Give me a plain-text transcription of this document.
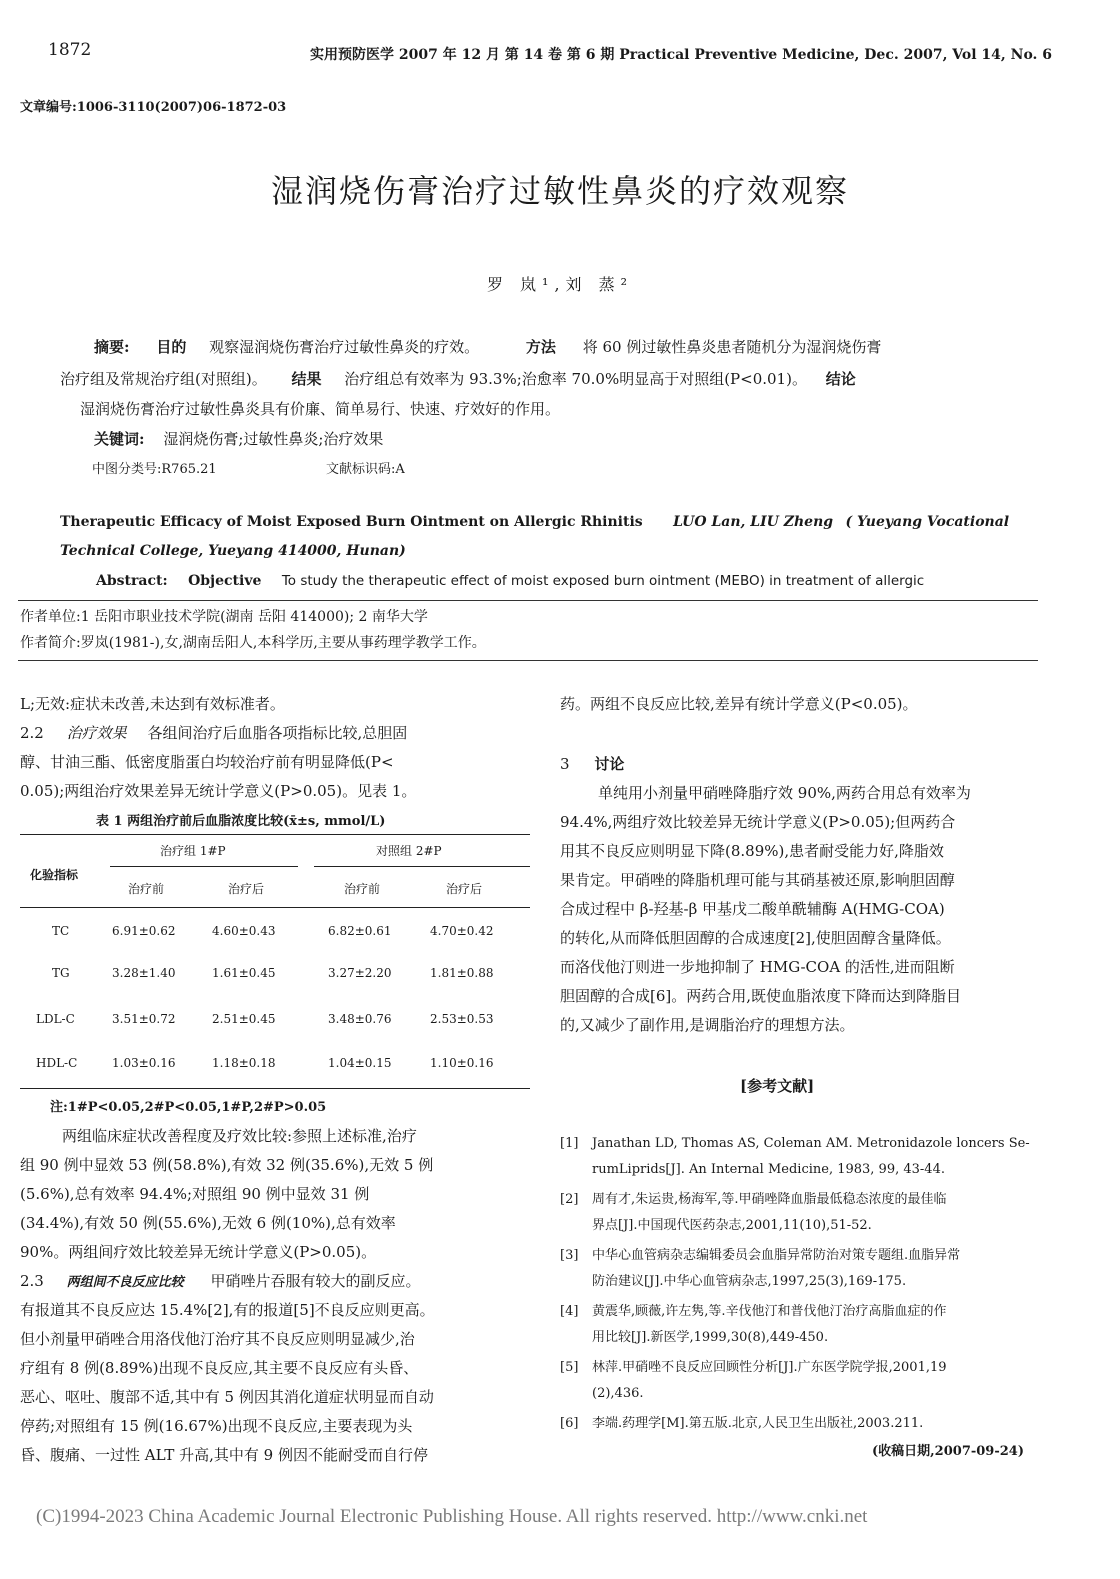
1872	实用预防医学 2007 年 12 月 第 14 卷 第 6 期 Practical Preventive Medicine, Dec. 2007, Vol 14, No. 6
文章编号:1006-3110(2007)06-1872-03
湿润烧伤膏治疗过敏性鼻炎的疗效观察
罗 岚¹,刘 蒸²
摘要: 目的 观察湿润烧伤膏治疗过敏性鼻炎的疗效。	方法 将 60 例过敏性鼻炎患者随机分为湿润烧伤膏
治疗组及常规治疗组(对照组)。 结果 治疗组总有效率为 93.3%;治愈率 70.0%明显高于对照组(P<0.01)。 结论
湿润烧伤膏治疗过敏性鼻炎具有价廉、简单易行、快速、疗效好的作用。
关键词: 湿润烧伤膏;过敏性鼻炎;治疗效果
中图分类号:R765.21	文献标识码:A
Therapeutic Efficacy of Moist Exposed Burn Ointment on Allergic Rhinitis LUO Lan, LIU Zheng ( Yueyang Vocational
Technical College, Yueyang 414000, Hunan)
Abstract: Objective To study the therapeutic effect of moist exposed burn ointment (MEBO) in treatment of allergic
作者单位:1 岳阳市职业技术学院(湖南 岳阳 414000); 2 南华大学
作者简介:罗岚(1981-),女,湖南岳阳人,本科学历,主要从事药理学教学工作。
L;无效:症状未改善,未达到有效标准者。
2.2 治疗效果 各组间治疗后血脂各项指标比较,总胆固
醇、甘油三酯、低密度脂蛋白均较治疗前有明显降低(P<
0.05);两组治疗效果差异无统计学意义(P>0.05)。见表 1。
表 1 两组治疗前后血脂浓度比较(x̄±s, mmol/L)
化验指标
治疗组 1#P	对照组 2#P
治疗前	治疗后	治疗前	治疗后
TC	6.91±0.62	4.60±0.43	6.82±0.61	4.70±0.42
TG	3.28±1.40	1.61±0.45	3.27±2.20	1.81±0.88
LDL-C	3.51±0.72	2.51±0.45	3.48±0.76	2.53±0.53
HDL-C	1.03±0.16	1.18±0.18	1.04±0.15	1.10±0.16
注:1#P<0.05,2#P<0.05,1#P,2#P>0.05
两组临床症状改善程度及疗效比较:参照上述标准,治疗
组 90 例中显效 53 例(58.8%),有效 32 例(35.6%),无效 5 例
(5.6%),总有效率 94.4%;对照组 90 例中显效 31 例
(34.4%),有效 50 例(55.6%),无效 6 例(10%),总有效率
90%。两组间疗效比较差异无统计学意义(P>0.05)。
2.3 两组间不良反应比较 甲硝唑片吞服有较大的副反应。
有报道其不良反应达 15.4%[2],有的报道[5]不良反应则更高。
但小剂量甲硝唑合用洛伐他汀治疗其不良反应则明显减少,治
疗组有 8 例(8.89%)出现不良反应,其主要不良反应有头昏、
恶心、呕吐、腹部不适,其中有 5 例因其消化道症状明显而自动
停药;对照组有 15 例(16.67%)出现不良反应,主要表现为头
昏、腹痛、一过性 ALT 升高,其中有 9 例因不能耐受而自行停
药。两组不良反应比较,差异有统计学意义(P<0.05)。
3 讨论
单纯用小剂量甲硝唑降脂疗效 90%,两药合用总有效率为
94.4%,两组疗效比较差异无统计学意义(P>0.05);但两药合
用其不良反应则明显下降(8.89%),患者耐受能力好,降脂效
果肯定。甲硝唑的降脂机理可能与其硝基被还原,影响胆固醇
合成过程中 β-羟基-β 甲基戊二酸单酰辅酶 A(HMG-COA)
的转化,从而降低胆固醇的合成速度[2],使胆固醇含量降低。
而洛伐他汀则进一步地抑制了 HMG-COA 的活性,进而阻断
胆固醇的合成[6]。两药合用,既使血脂浓度下降而达到降脂目
的,又减少了副作用,是调脂治疗的理想方法。
[参考文献]
[1] Janathan LD, Thomas AS, Coleman AM. Metronidazole loncers Se-
rumLiprids[J]. An Internal Medicine, 1983, 99, 43-44.
[2] 周有才,朱运贵,杨海军,等.甲硝唑降血脂最低稳态浓度的最佳临
界点[J].中国现代医药杂志,2001,11(10),51-52.
[3] 中华心血管病杂志编辑委员会血脂异常防治对策专题组.血脂异常
防治建议[J].中华心血管病杂志,1997,25(3),169-175.
[4] 黄震华,顾薇,许左隽,等.辛伐他汀和普伐他汀治疗高脂血症的作
用比较[J].新医学,1999,30(8),449-450.
[5] 林萍.甲硝唑不良反应回顾性分析[J].广东医学院学报,2001,19
(2),436.
[6] 李端.药理学[M].第五版.北京,人民卫生出版社,2003.211.
(收稿日期,2007-09-24)
(C)1994-2023 China Academic Journal Electronic Publishing House. All rights reserved. http://www.cnki.net
